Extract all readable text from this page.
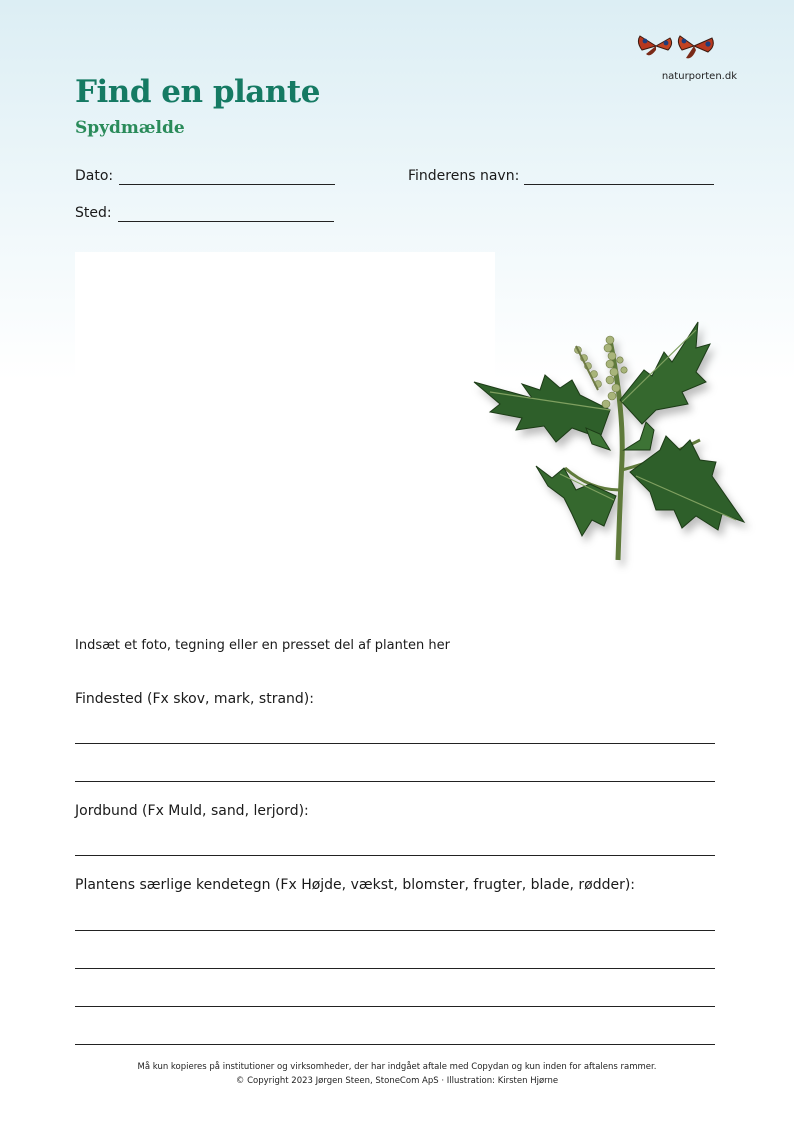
naturporten.dk
Find en plante
Spydmælde
Dato:	Finderens navn:
Sted:
Indsæt et foto, tegning eller en presset del af planten her
Findested (Fx skov, mark, strand):
Jordbund (Fx Muld, sand, lerjord):
Plantens særlige kendetegn (Fx Højde, vækst, blomster, frugter, blade, rødder):
Må kun kopieres på institutioner og virksomheder, der har indgået aftale med Copydan og kun inden for aftalens rammer.
© Copyright 2023 Jørgen Steen, StoneCom ApS · Illustration: Kirsten Hjørne
